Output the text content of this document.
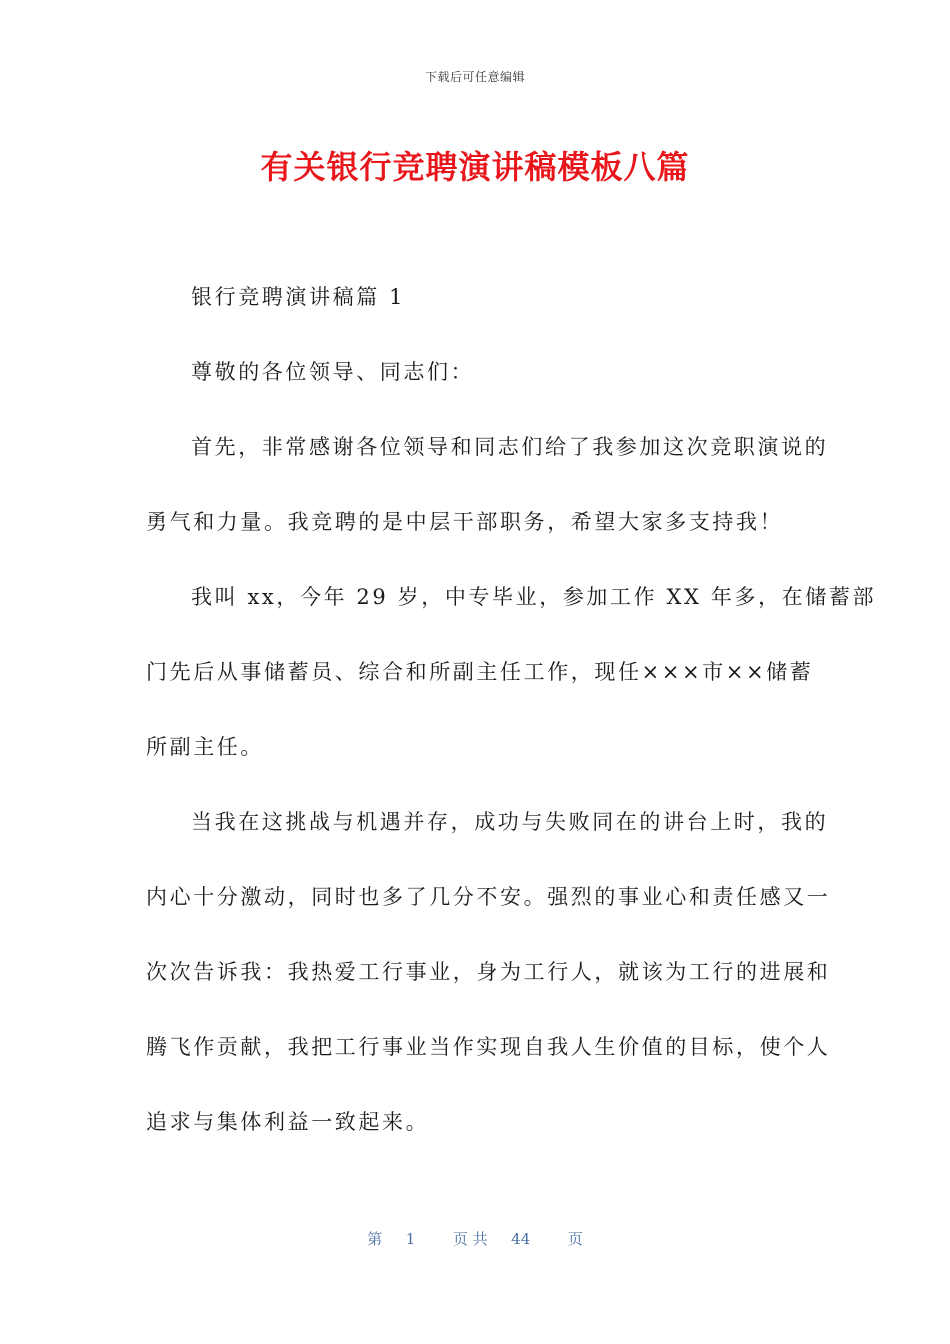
下载后可任意编辑
有关银行竞聘演讲稿模板八篇
银行竞聘演讲稿篇 1
尊敬的各位领导、同志们：
首先，非常感谢各位领导和同志们给了我参加这次竞职演说的
勇气和力量。我竞聘的是中层干部职务，希望大家多支持我！
我叫 xx，今年 29 岁，中专毕业，参加工作 XX 年多，在储蓄部
门先后从事储蓄员、综合和所副主任工作，现任×××市××储蓄
所副主任。
当我在这挑战与机遇并存，成功与失败同在的讲台上时，我的
内心十分激动，同时也多了几分不安。强烈的事业心和责任感又一
次次告诉我：我热爱工行事业，身为工行人，就该为工行的进展和
腾飞作贡献，我把工行事业当作实现自我人生价值的目标，使个人
追求与集体利益一致起来。
第 1	页 共 44	页
